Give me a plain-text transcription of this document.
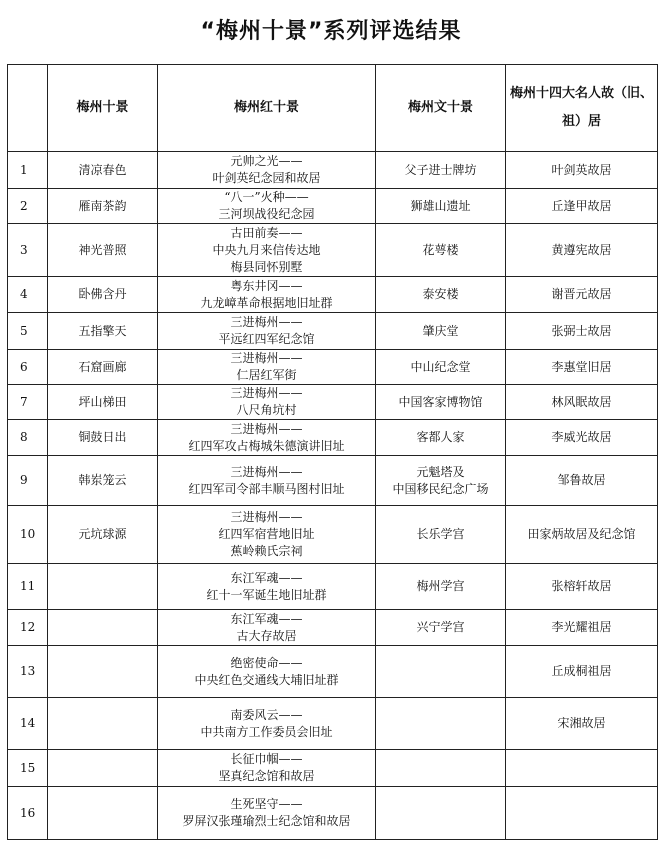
“梅州十景”系列评选结果
	梅州十景	梅州红十景	梅州文十景	梅州十四大名人故（旧、祖）居
1	清凉春色	元帅之光——
叶剑英纪念园和故居	父子进士牌坊	叶剑英故居
2	雁南茶韵	“八一”火种——
三河坝战役纪念园	狮雄山遗址	丘逢甲故居
3	神光普照	古田前奏——
中央九月来信传达地
梅县同怀别墅	花萼楼	黄遵宪故居
4	卧佛含丹	粤东井冈——
九龙嶂革命根据地旧址群	泰安楼	谢晋元故居
5	五指擎天	三进梅州——
平远红四军纪念馆	肇庆堂	张弼士故居
6	石窟画廊	三进梅州——
仁居红军街	中山纪念堂	李惠堂旧居
7	坪山梯田	三进梅州——
八尺角坑村	中国客家博物馆	林风眠故居
8	铜鼓日出	三进梅州——
红四军攻占梅城朱德演讲旧址	客都人家	李威光故居
9	韩岽笼云	三进梅州——
红四军司令部丰顺马图村旧址	元魁塔及
中国移民纪念广场	邹鲁故居
10	元坑球源	三进梅州——
红四军宿营地旧址
蕉岭赖氏宗祠	长乐学宫	田家炳故居及纪念馆
11		东江军魂——
红十一军诞生地旧址群	梅州学宫	张榕轩故居
12		东江军魂——
古大存故居	兴宁学宫	李光耀祖居
13		绝密使命——
中央红色交通线大埔旧址群		丘成桐祖居
14		南委风云——
中共南方工作委员会旧址		宋湘故居
15		长征巾帼——
坚真纪念馆和故居		

16		生死坚守——
罗屏汉张瑾瑜烈士纪念馆和故居		
